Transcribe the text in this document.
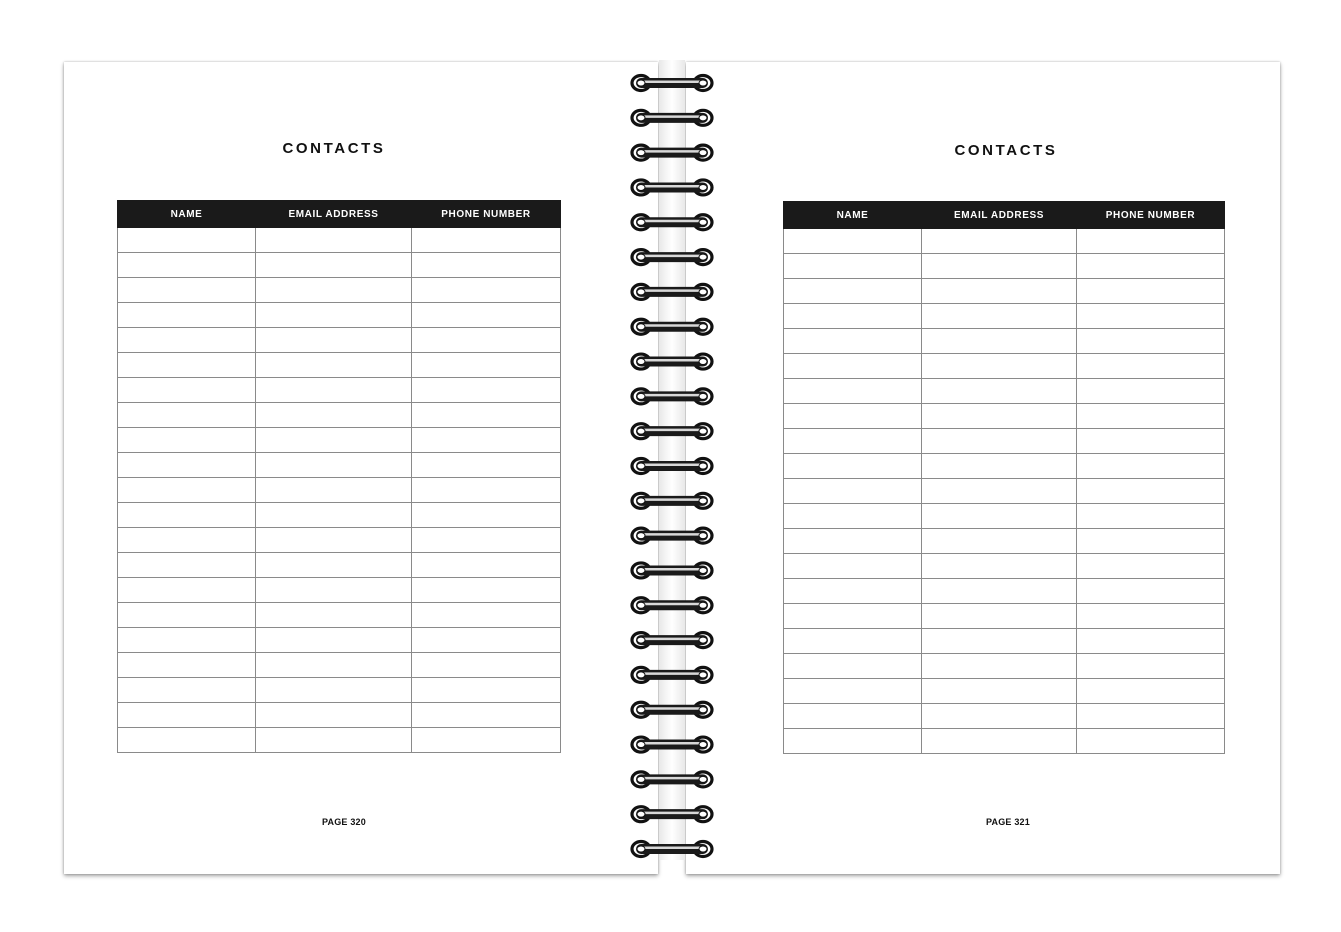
CONTACTS
NAME	EMAIL ADDRESS	PHONE NUMBER

PAGE 320
CONTACTS
NAME	EMAIL ADDRESS	PHONE NUMBER

PAGE 321
